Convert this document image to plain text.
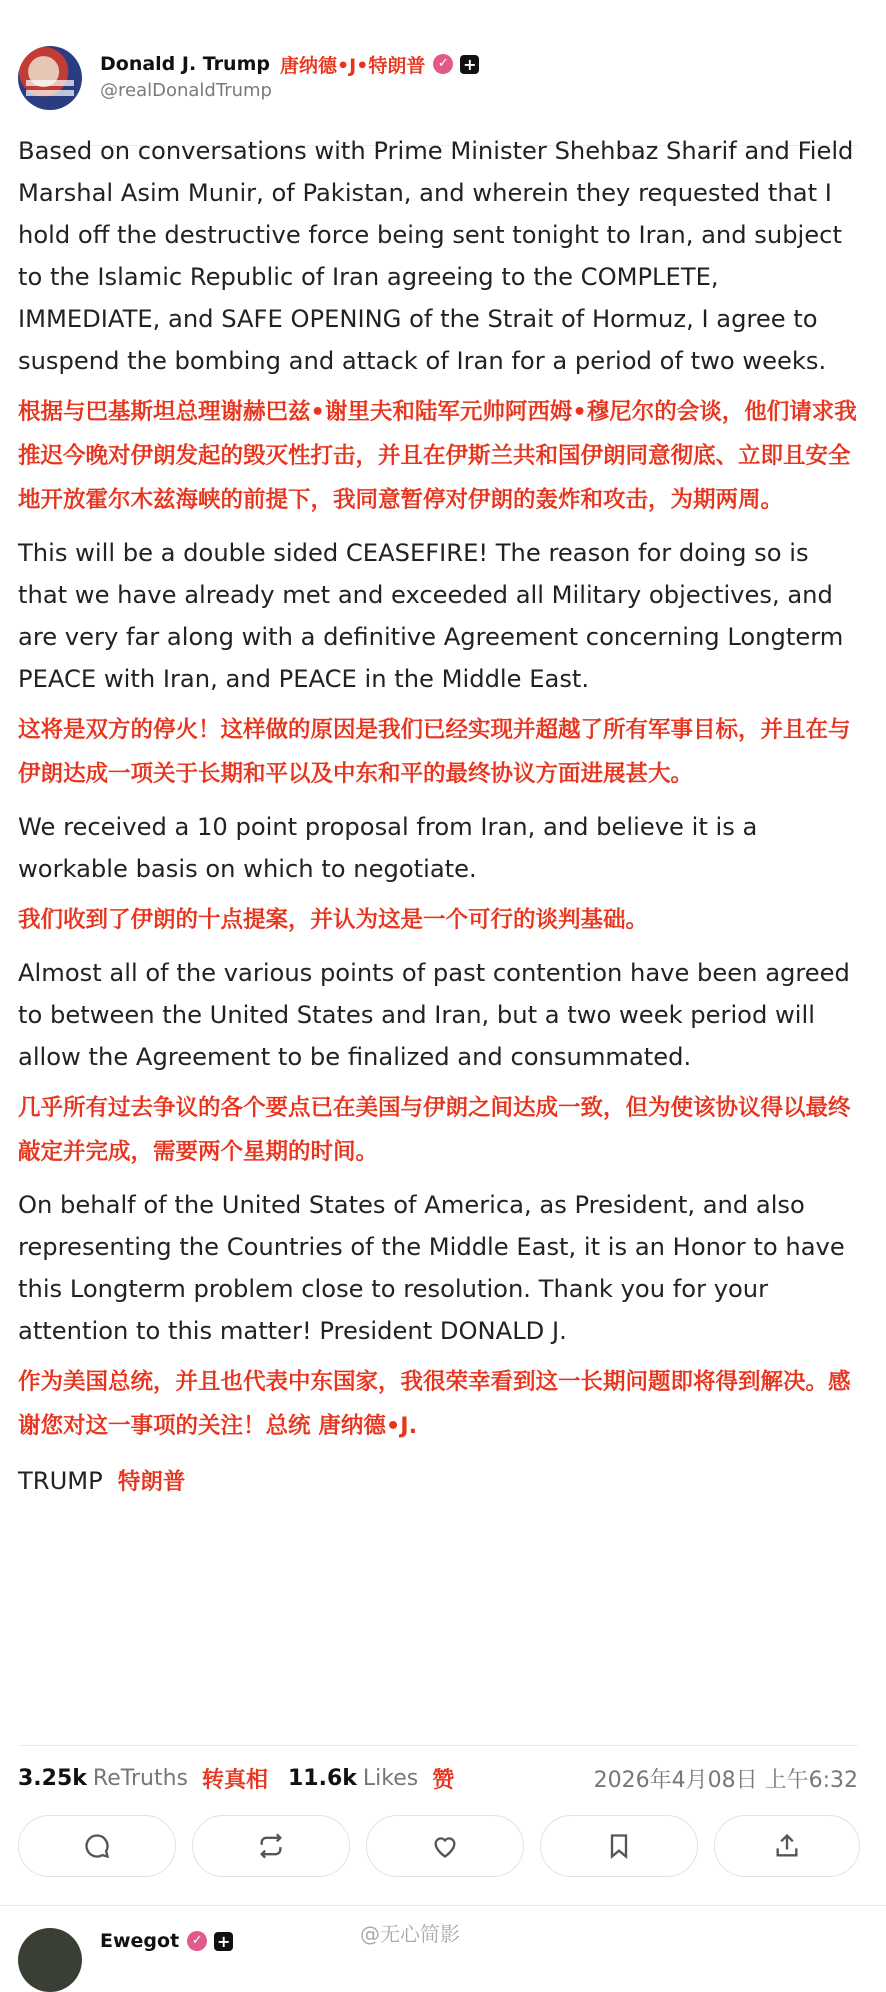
Donald J. Trump 唐纳德•J•特朗普 ✓ +
@realDonaldTrump

Based on conversations with Prime Minister Shehbaz Sharif and Field Marshal Asim Munir, of Pakistan, and wherein they requested that I hold off the destructive force being sent tonight to Iran, and subject to the Islamic Republic of Iran agreeing to the COMPLETE, IMMEDIATE, and SAFE OPENING of the Strait of Hormuz, I agree to suspend the bombing and attack of Iran for a period of two weeks.

根据与巴基斯坦总理谢赫巴兹•谢里夫和陆军元帅阿西姆•穆尼尔的会谈，他们请求我推迟今晚对伊朗发起的毁灭性打击，并且在伊斯兰共和国伊朗同意彻底、立即且安全地开放霍尔木兹海峡的前提下，我同意暂停对伊朗的轰炸和攻击，为期两周。

This will be a double sided CEASEFIRE! The reason for doing so is that we have already met and exceeded all Military objectives, and are very far along with a definitive Agreement concerning Longterm PEACE with Iran, and PEACE in the Middle East.

这将是双方的停火！这样做的原因是我们已经实现并超越了所有军事目标，并且在与伊朗达成一项关于长期和平以及中东和平的最终协议方面进展甚大。

We received a 10 point proposal from Iran, and believe it is a workable basis on which to negotiate.

我们收到了伊朗的十点提案，并认为这是一个可行的谈判基础。

Almost all of the various points of past contention have been agreed to between the United States and Iran, but a two week period will allow the Agreement to be finalized and consummated.

几乎所有过去争议的各个要点已在美国与伊朗之间达成一致，但为使该协议得以最终敲定并完成，需要两个星期的时间。

On behalf of the United States of America, as President, and also representing the Countries of the Middle East, it is an Honor to have this Longterm problem close to resolution. Thank you for your attention to this matter! President DONALD J.

作为美国总统，并且也代表中东国家，我很荣幸看到这一长期问题即将得到解决。感谢您对这一事项的关注！总统 唐纳德•J.

TRUMP 特朗普

3.25k ReTruths 转真相 11.6k Likes 赞	2026年4月08日 上午6:32
Ewegot ✓ +	@无心简影
